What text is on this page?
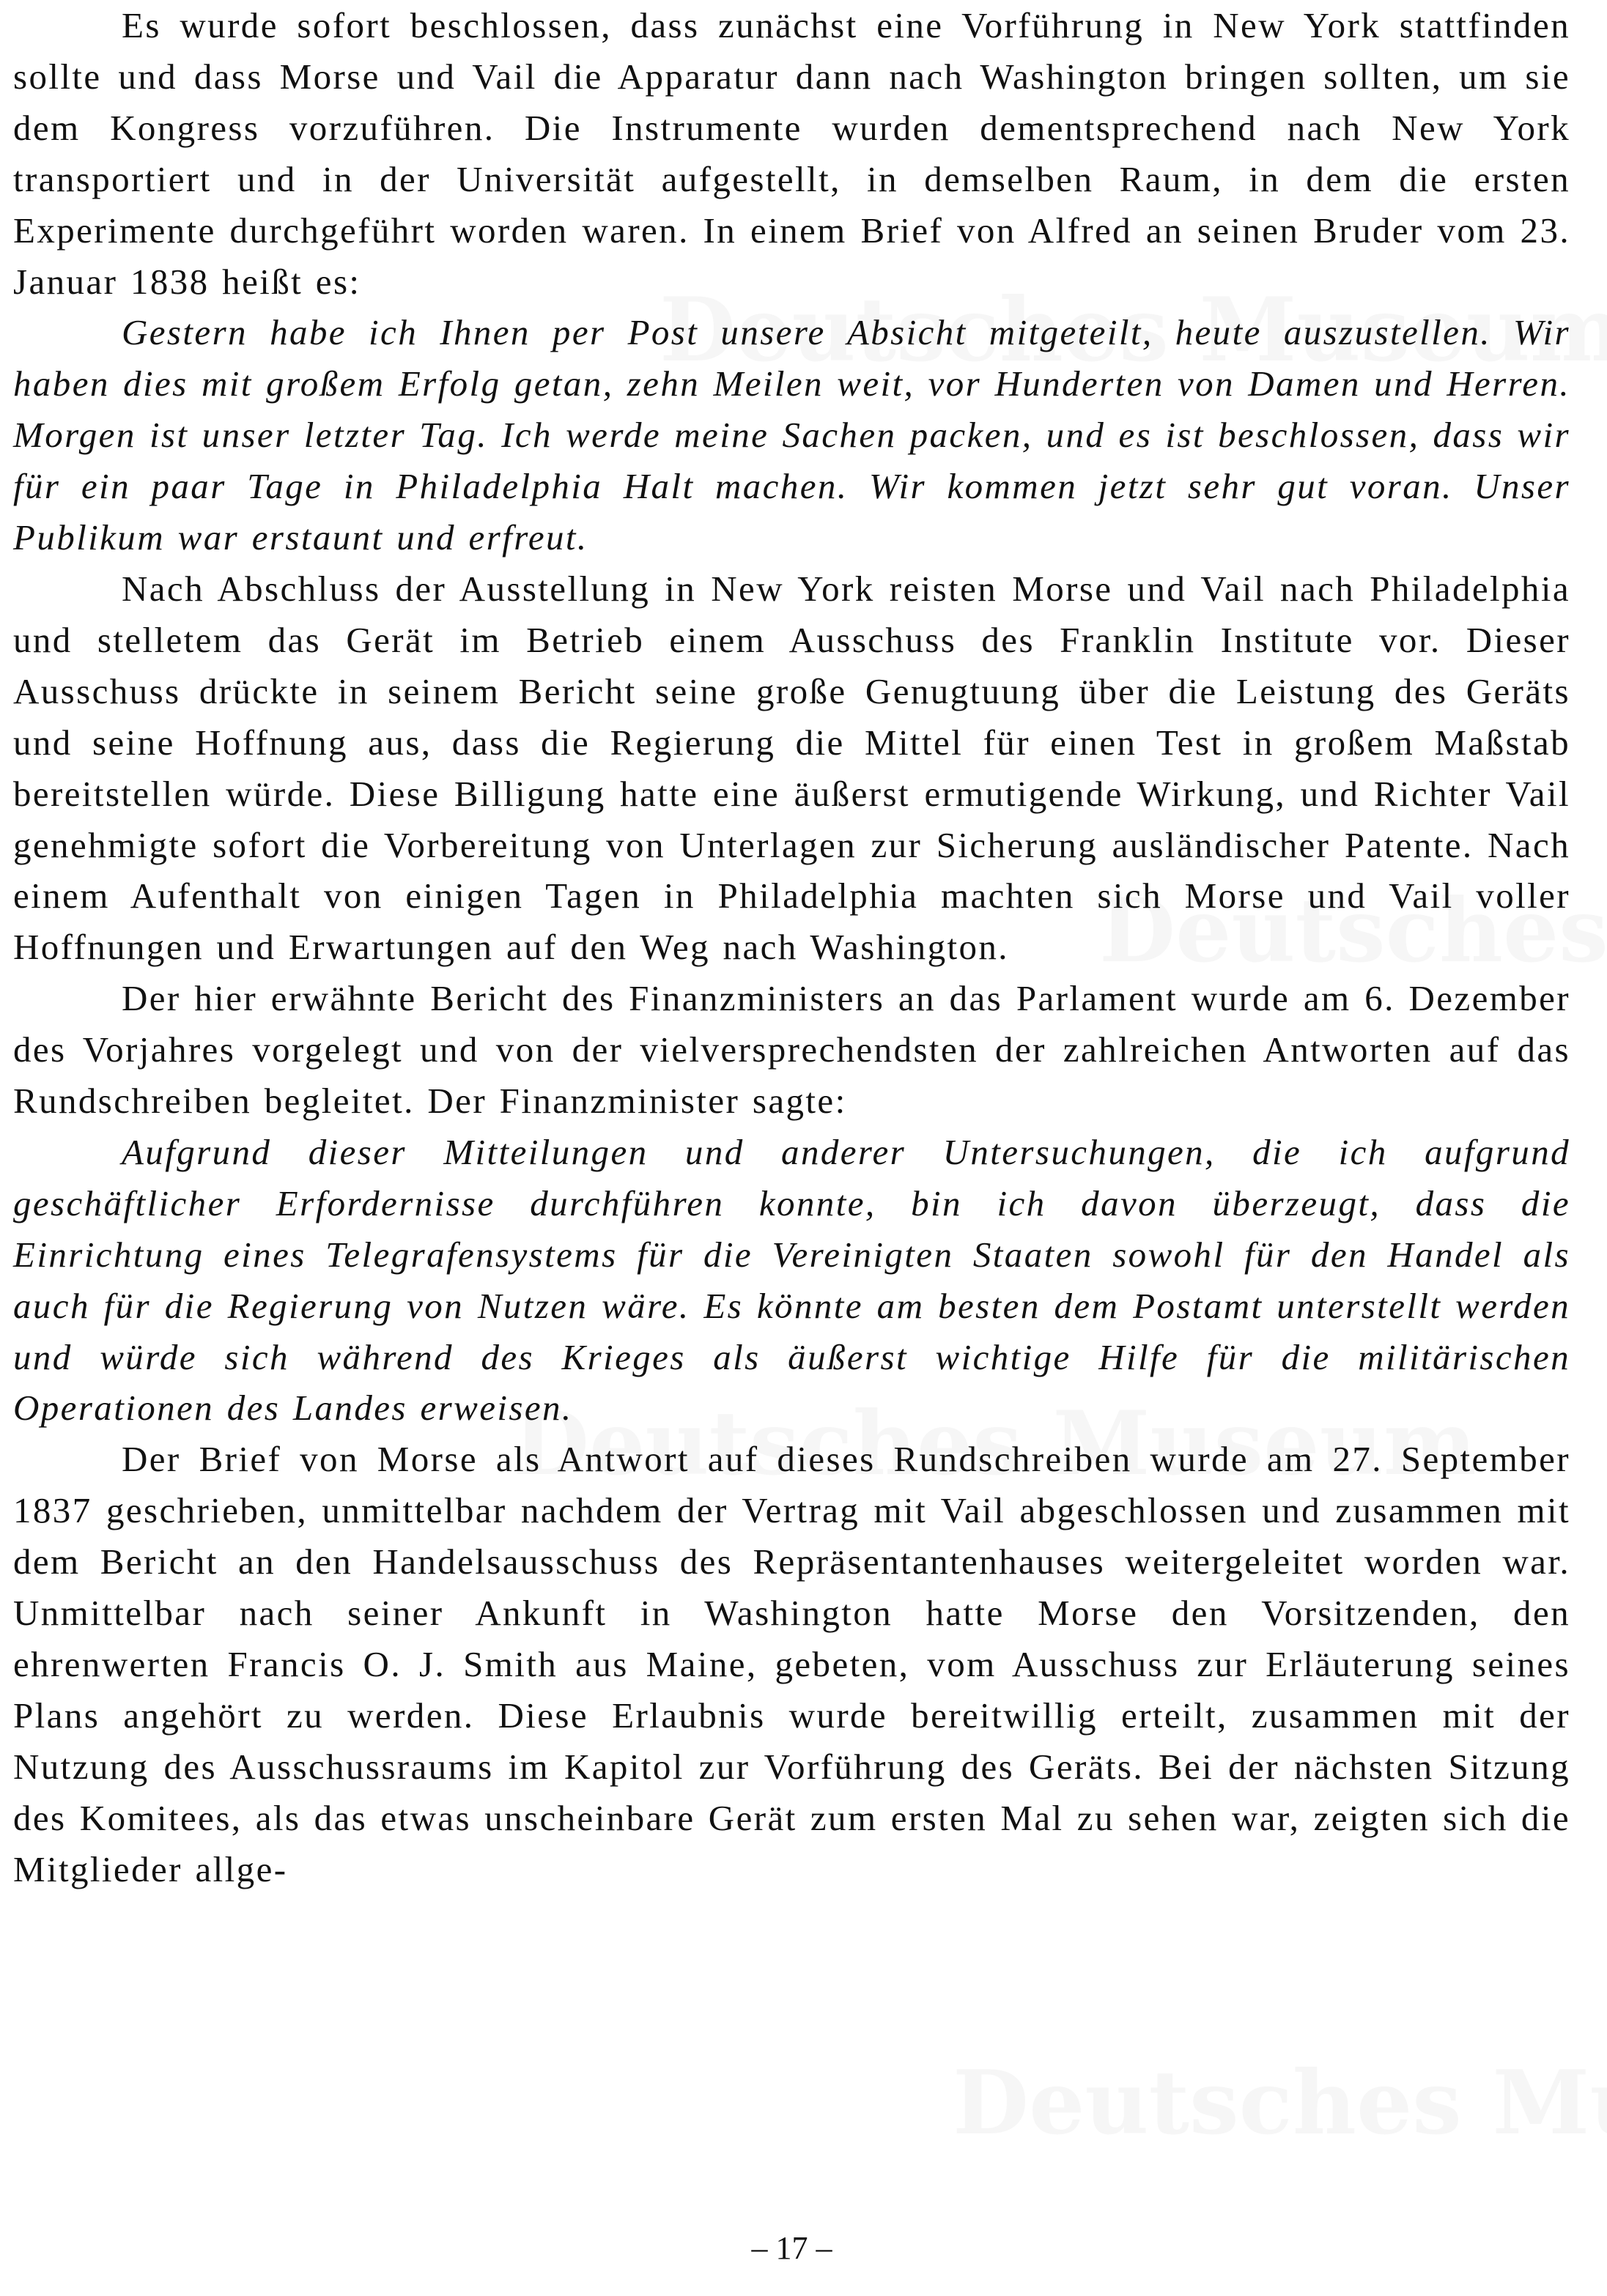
Es wurde sofort beschlossen, dass zunächst eine Vorführung in New York stattfinden sollte und dass Morse und Vail die Apparatur dann nach Washington bringen sollten, um sie dem Kongress vorzuführen. Die Instrumente wurden dementsprechend nach New York transportiert und in der Universität aufgestellt, in demselben Raum, in dem die ersten Experimente durchgeführt worden waren. In einem Brief von Alfred an seinen Bruder vom 23. Januar 1838 heißt es:

Gestern habe ich Ihnen per Post unsere Absicht mitgeteilt, heute auszustellen. Wir haben dies mit großem Erfolg getan, zehn Meilen weit, vor Hunderten von Damen und Herren. Morgen ist unser letzter Tag. Ich werde meine Sachen packen, und es ist beschlossen, dass wir für ein paar Tage in Philadelphia Halt machen. Wir kommen jetzt sehr gut voran. Unser Publikum war erstaunt und erfreut.

Nach Abschluss der Ausstellung in New York reisten Morse und Vail nach Philadelphia und stelletem das Gerät im Betrieb einem Ausschuss des Franklin Institute vor. Dieser Ausschuss drückte in seinem Bericht seine große Genugtuung über die Leistung des Geräts und seine Hoffnung aus, dass die Regierung die Mittel für einen Test in großem Maßstab bereitstellen würde. Diese Billigung hatte eine äußerst ermutigende Wirkung, und Richter Vail genehmigte sofort die Vorbereitung von Unterlagen zur Sicherung ausländischer Patente. Nach einem Aufenthalt von einigen Tagen in Philadelphia machten sich Morse und Vail voller Hoffnungen und Erwartungen auf den Weg nach Washington.

Der hier erwähnte Bericht des Finanzministers an das Parlament wurde am 6. Dezember des Vorjahres vorgelegt und von der vielversprechendsten der zahlreichen Antworten auf das Rundschreiben begleitet. Der Finanzminister sagte:

Aufgrund dieser Mitteilungen und anderer Untersuchungen, die ich aufgrund geschäftlicher Erfordernisse durchführen konnte, bin ich davon überzeugt, dass die Einrichtung eines Telegrafensystems für die Vereinigten Staaten sowohl für den Handel als auch für die Regierung von Nutzen wäre. Es könnte am besten dem Postamt unterstellt werden und würde sich während des Krieges als äußerst wichtige Hilfe für die militärischen Operationen des Landes erweisen.

Der Brief von Morse als Antwort auf dieses Rundschreiben wurde am 27. September 1837 geschrieben, unmittelbar nachdem der Vertrag mit Vail abgeschlossen und zusammen mit dem Bericht an den Handelsausschuss des Repräsentantenhauses weitergeleitet worden war. Unmittelbar nach seiner Ankunft in Washington hatte Morse den Vorsitzenden, den ehrenwerten Francis O. J. Smith aus Maine, gebeten, vom Ausschuss zur Erläuterung seines Plans angehört zu werden. Diese Erlaubnis wurde bereitwillig erteilt, zusammen mit der Nutzung des Ausschussraums im Kapitol zur Vorführung des Geräts. Bei der nächsten Sitzung des Komitees, als das etwas unscheinbare Gerät zum ersten Mal zu sehen war, zeigten sich die Mitglieder allge-

– 17 –
